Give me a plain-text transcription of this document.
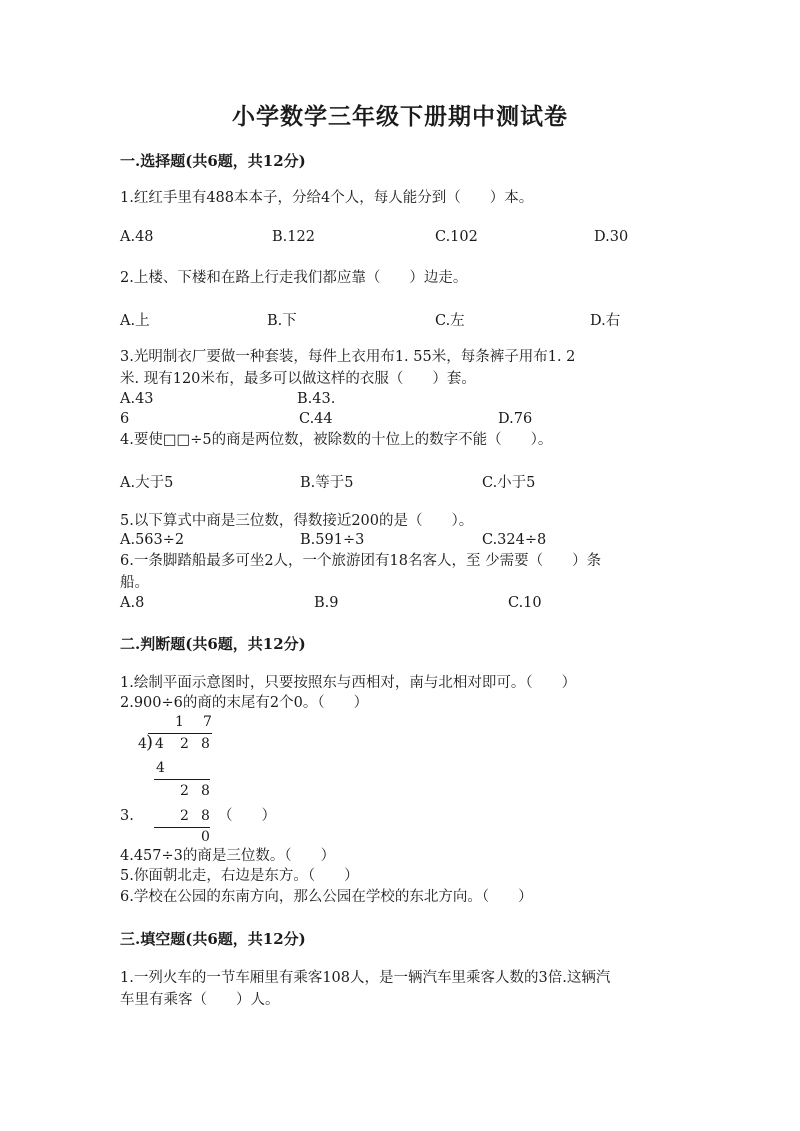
小学数学三年级下册期中测试卷
一.选择题(共6题，共12分)
1.红红手里有488本本子，分给4个人，每人能分到（　　）本。
A.48	B.122	C.102	D.30
2.上楼、下楼和在路上行走我们都应靠（　　）边走。
A.上	B.下	C.左	D.右
3.光明制衣厂要做一种套装，每件上衣用布1. 55米，每条裤子用布1. 2
米. 现有120米布，最多可以做这样的衣服（　　）套。
A.43	B.43.
6	C.44	D.76
4.要使□□÷5的商是两位数，被除数的十位上的数字不能（　　）。
A.大于5	B.等于5	C.小于5
5.以下算式中商是三位数，得数接近200的是（　　）。
A.563÷2	B.591÷3	C.324÷8
6.一条脚踏船最多可坐2人，一个旅游团有18名客人，至 少需要（　　）条
船。
A.8	B.9	C.10
二.判断题(共6题，共12分)
1.绘制平面示意图时，只要按照东与西相对，南与北相对即可。（　　）
2.900÷6的商的末尾有2个0。（　　）
1 7
4 ) 4 2 8
4
2 8
2 8
0
3.	（　　）
4.457÷3的商是三位数。（　　）
5.你面朝北走，右边是东方。（　　）
6.学校在公园的东南方向，那么公园在学校的东北方向。（　　）
三.填空题(共6题，共12分)
1.一列火车的一节车厢里有乘客108人，是一辆汽车里乘客人数的3倍.这辆汽
车里有乘客（　　）人。
